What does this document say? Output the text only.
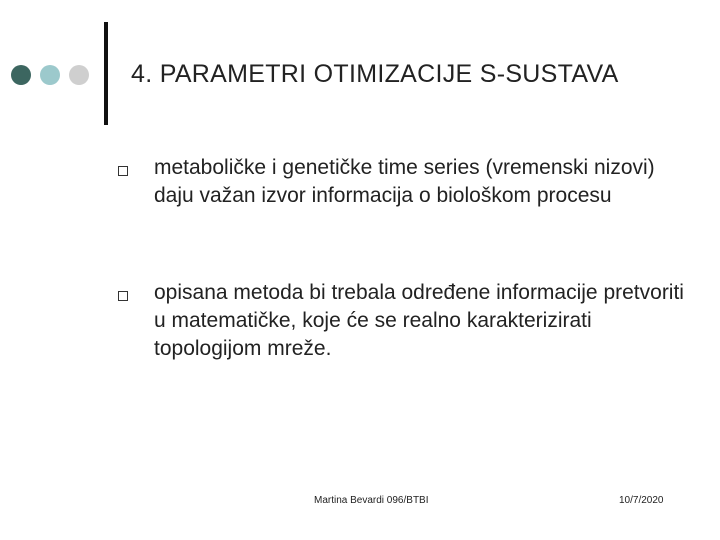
4. PARAMETRI OTIMIZACIJE S-SUSTAVA
metaboličke i genetičke time series (vremenski nizovi) daju važan izvor informacija o biološkom procesu
opisana metoda bi trebala određene informacije pretvoriti u matematičke, koje će se realno karakterizirati topologijom mreže.
Martina Bevardi 096/BTBI	10/7/2020
